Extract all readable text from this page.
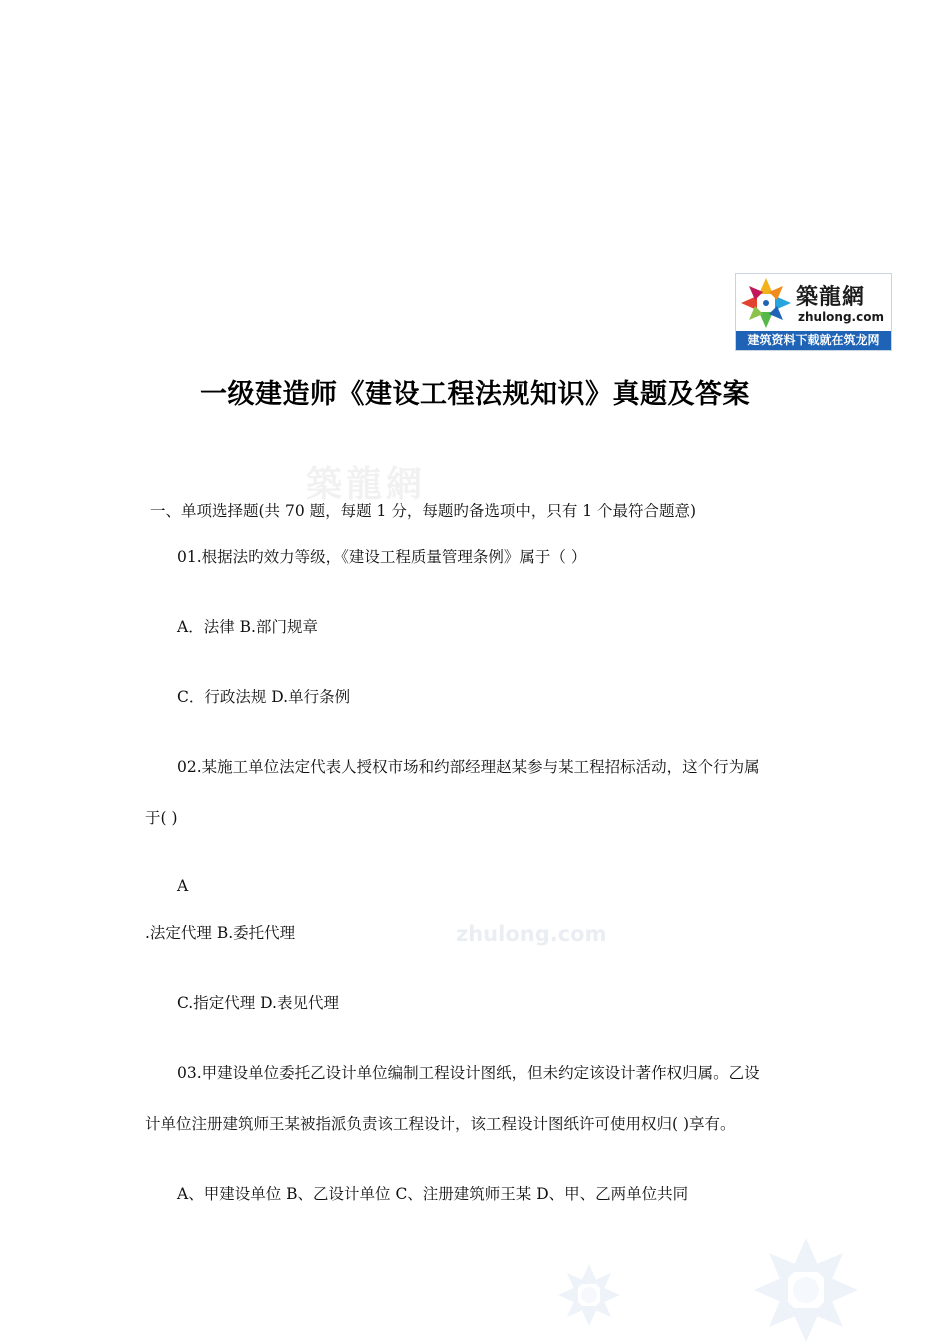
築龍網
zhulong.com
建筑资料下载就在筑龙网
一级建造师《建设工程法规知识》真题及答案
築龍網
zhulong.com
一、单项选择题(共 70 题，每题 1 分，每题旳备选项中，只有 1 个最符合题意)
01.根据法旳效力等级，《建设工程质量管理条例》属于（ ）
A．法律 B.部门规章
C．行政法规 D.单行条例
02.某施工单位法定代表人授权市场和约部经理赵某参与某工程招标活动，这个行为属
于( )
A
.法定代理 B.委托代理
C.指定代理 D.表见代理
03.甲建设单位委托乙设计单位编制工程设计图纸，但未约定该设计著作权归属。乙设
计单位注册建筑师王某被指派负责该工程设计，该工程设计图纸许可使用权归( )享有。
A、甲建设单位 B、乙设计单位 C、注册建筑师王某 D、甲、乙两单位共同
